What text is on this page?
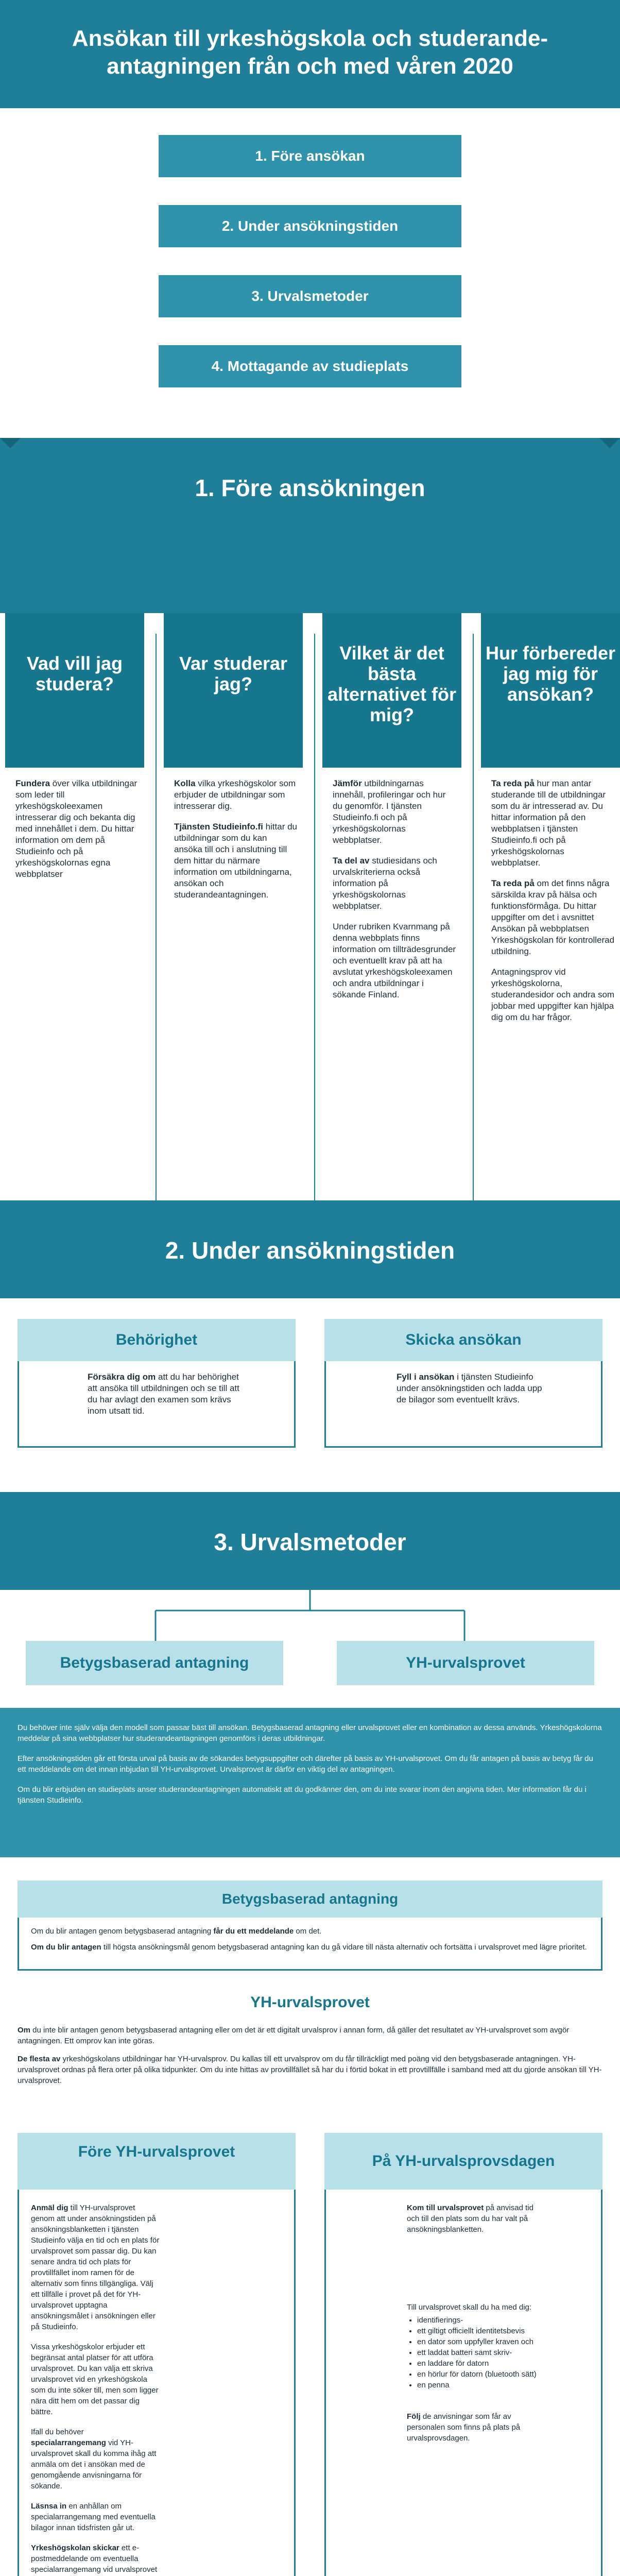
Ansökan till yrkeshögskola och studerande-
antagningen från och med våren 2020
1. Före ansökan
2. Under ansökningstiden
3. Urvalsmetoder
4. Mottagande av studieplats
1. Före ansökningen
Vad vill jag studera?
Var studerar jag?
Vilket är det bästa alternativet för mig?
Hur förbereder jag mig för ansökan?

Fundera över vilka utbildningar som leder till yrkeshögskoleexamen intresserar dig och bekanta dig med innehållet i dem. Du hittar information om dem på Studieinfo och på yrkeshögskolornas egna webbplatser

Kolla vilka yrkeshögskolor som erbjuder de utbildningar som intresserar dig.

Tjänsten Studieinfo.fi hittar du utbildningar som du kan ansöka till och i anslutning till dem hittar du närmare information om utbildningarna, ansökan och studerandeantagningen.

Jämför utbildningarnas innehåll, profileringar och hur du genomför. I tjänsten Studieinfo.fi och på yrkeshögskolornas webbplatser.

Ta del av studiesidans och urvalskriterierna också information på yrkeshögskolornas webbplatser.

Under rubriken Kvarnmang på denna webbplats finns information om tillträdesgrunder och eventuellt krav på att ha avslutat yrkeshögskoleexamen och andra utbildningar i sökande Finland.

Ta reda på hur man antar studerande till de utbildningar som du är intresserad av. Du hittar information på den webbplatsen i tjänsten Studieinfo.fi och på yrkeshögskolornas webbplatser.

Ta reda på om det finns några särskilda krav på hälsa och funktionsförmåga. Du hittar uppgifter om det i avsnittet Ansökan på webbplatsen Yrkeshögskolan för kontrollerad utbildning.

Antagningsprov vid yrkeshögskolorna, studerandesidor och andra som jobbar med uppgifter kan hjälpa dig om du har frågor.

2. Under ansökningstiden
Behörighet
Försäkra dig om att du har behörighet att ansöka till utbildningen och se till att du har avlagt den examen som krävs inom utsatt tid.
Skicka ansökan
Fyll i ansökan i tjänsten Studieinfo under ansökningstiden och ladda upp de bilagor som eventuellt krävs.
3. Urvalsmetoder
Betygsbaserad antagning	YH-urvalsprovet

Du behöver inte själv välja den modell som passar bäst till ansökan. Betygsbaserad antagning eller urvalsprovet eller en kombination av dessa används. Yrkeshögskolorna meddelar på sina webbplatser hur studerandeantagningen genomförs i deras utbildningar.

Efter ansökningstiden går ett första urval på basis av de sökandes betygsuppgifter och därefter på basis av YH-urvalsprovet. Om du får antagen på basis av betyg får du ett meddelande om det innan inbjudan till YH-urvalsprovet. Urvalsprovet är därför en viktig del av antagningen.

Om du blir erbjuden en studieplats anser studerandeantagningen automatiskt att du godkänner den, om du inte svarar inom den angivna tiden. Mer information får du i tjänsten Studieinfo.

Betygsbaserad antagning

Om du blir antagen genom betygsbaserad antagning får du ett meddelande om det.

Om du blir antagen till högsta ansökningsmål genom betygsbaserad antagning kan du gå vidare till nästa alternativ och fortsätta i urvalsprovet med lägre prioritet.

YH-urvalsprovet

Om du inte blir antagen genom betygsbaserad antagning eller om det är ett digitalt urvalsprov i annan form, då gäller det resultatet av YH-urvalsprovet som avgör antagningen. Ett omprov kan inte göras.

De flesta av yrkeshögskolans utbildningar har YH-urvalsprov. Du kallas till ett urvalsprov om du får tillräckligt med poäng vid den betygsbaserade antagningen. YH-urvalsprovet ordnas på flera orter på olika tidpunkter. Om du inte hittas av provtillfället så har du i förtid bokat in ett provtillfälle i samband med att du gjorde ansökan till YH-urvalsprovet.

Före YH-urvalsprovet

Anmäl dig till YH-urvalsprovet genom att under ansökningstiden på ansökningsblanketten i tjänsten Studieinfo välja en tid och en plats för urvalsprovet som passar dig. Du kan senare ändra tid och plats för provtillfället inom ramen för de alternativ som finns tillgängliga. Välj ett tillfälle i provet på det för YH-urvalsprovet upptagna ansökningsmålet i ansökningen eller på Studieinfo.

Vissa yrkeshögskolor erbjuder ett begränsat antal platser för att utföra urvalsprovet. Du kan välja ett skriva urvalsprovet vid en yrkeshögskola som du inte söker till, men som ligger nära ditt hem om det passar dig bättre.

Ifall du behöver specialarrangemang vid YH-urvalsprovet skall du komma ihåg att anmäla om det i ansökan med de genomgående anvisningarna för sökande.

Läsnsa in en anhållan om specialarrangemang med eventuella bilagor innan tidsfristen går ut.

Yrkeshögskolan skickar ett e-postmeddelande om eventuella specialarrangemang vid urvalsprovet

På YH-urvalsprovsdagen

Kom till urvalsprovet på anvisad tid och till den plats som du har valt på ansökningsblanketten.

Till urvalsprovet skall du ha med dig:

• identifierings-
• ett giltigt officiellt identitetsbevis
• en dator som uppfyller kraven och
• ett laddat batteri samt skriv-
• en laddare för datorn
• en hörlur för datorn (bluetooth sätt)
• en penna

Följ de anvisningar som får av personalen som finns på plats på urvalsprovsdagen.
